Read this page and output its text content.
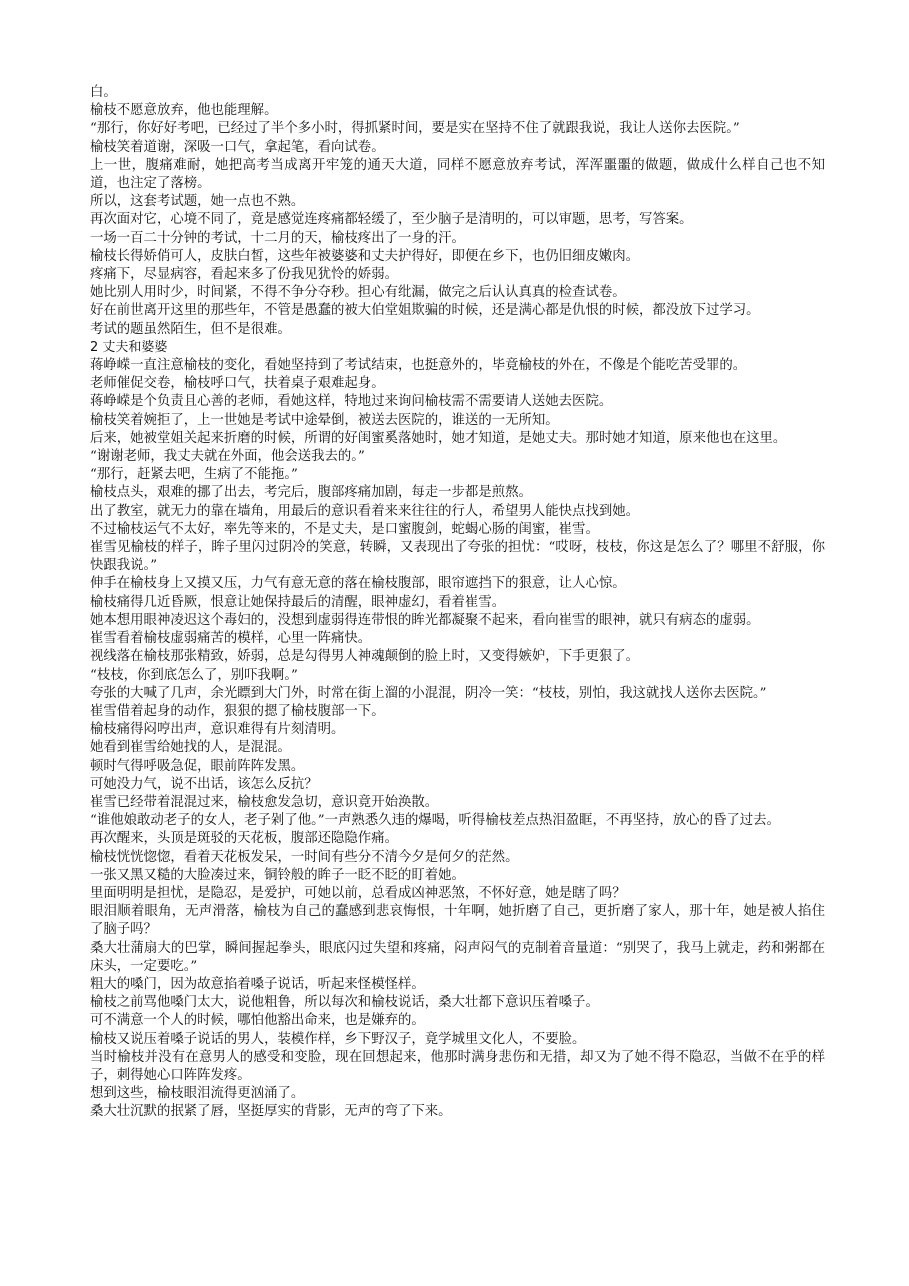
白。
榆枝不愿意放弃，他也能理解。
“那行，你好好考吧，已经过了半个多小时，得抓紧时间，要是实在坚持不住了就跟我说，我让人送你去医院。”
榆枝笑着道谢，深吸一口气，拿起笔，看向试卷。
上一世，腹痛难耐，她把高考当成离开牢笼的通天大道，同样不愿意放弃考试，浑浑噩噩的做题，做成什么样自己也不知道，也注定了落榜。
所以，这套考试题，她一点也不熟。
再次面对它，心境不同了，竟是感觉连疼痛都轻缓了，至少脑子是清明的，可以审题，思考，写答案。
一场一百二十分钟的考试，十二月的天，榆枝疼出了一身的汗。
榆枝长得娇俏可人，皮肤白皙，这些年被婆婆和丈夫护得好，即便在乡下，也仍旧细皮嫩肉。
疼痛下，尽显病容，看起来多了份我见犹怜的娇弱。
她比别人用时少，时间紧，不得不争分夺秒。担心有纰漏，做完之后认认真真的检查试卷。
好在前世离开这里的那些年，不管是愚蠢的被大伯堂姐欺骗的时候，还是满心都是仇恨的时候，都没放下过学习。
考试的题虽然陌生，但不是很难。
2 丈夫和婆婆
蒋峥嵘一直注意榆枝的变化，看她坚持到了考试结束，也挺意外的，毕竟榆枝的外在，不像是个能吃苦受罪的。
老师催促交卷，榆枝呼口气，扶着桌子艰难起身。
蒋峥嵘是个负责且心善的老师，看她这样，特地过来询问榆枝需不需要请人送她去医院。
榆枝笑着婉拒了，上一世她是考试中途晕倒，被送去医院的，谁送的一无所知。
后来，她被堂姐关起来折磨的时候，所谓的好闺蜜奚落她时，她才知道，是她丈夫。那时她才知道，原来他也在这里。
“谢谢老师，我丈夫就在外面，他会送我去的。”
“那行，赶紧去吧，生病了不能拖。”
榆枝点头，艰难的挪了出去，考完后，腹部疼痛加剧，每走一步都是煎熬。
出了教室，就无力的靠在墙角，用最后的意识看着来来往往的行人，希望男人能快点找到她。
不过榆枝运气不太好，率先等来的，不是丈夫，是口蜜腹剑，蛇蝎心肠的闺蜜，崔雪。
崔雪见榆枝的样子，眸子里闪过阴冷的笑意，转瞬，又表现出了夸张的担忧：“哎呀，枝枝，你这是怎么了？哪里不舒服，你快跟我说。”
伸手在榆枝身上又摸又压，力气有意无意的落在榆枝腹部，眼帘遮挡下的狠意，让人心惊。
榆枝痛得几近昏厥，恨意让她保持最后的清醒，眼神虚幻，看着崔雪。
她本想用眼神凌迟这个毒妇的，没想到虚弱得连带恨的眸光都凝聚不起来，看向崔雪的眼神，就只有病态的虚弱。
崔雪看着榆枝虚弱痛苦的模样，心里一阵痛快。
视线落在榆枝那张精致，娇弱，总是勾得男人神魂颠倒的脸上时，又变得嫉妒，下手更狠了。
“枝枝，你到底怎么了，别吓我啊。”
夸张的大喊了几声，余光瞟到大门外，时常在街上溜的小混混，阴冷一笑：“枝枝，别怕，我这就找人送你去医院。”
崔雪借着起身的动作，狠狠的摁了榆枝腹部一下。
榆枝痛得闷哼出声，意识难得有片刻清明。
她看到崔雪给她找的人，是混混。
顿时气得呼吸急促，眼前阵阵发黑。
可她没力气，说不出话，该怎么反抗？
崔雪已经带着混混过来，榆枝愈发急切，意识竟开始涣散。
“谁他娘敢动老子的女人，老子剁了他。”一声熟悉久违的爆喝，听得榆枝差点热泪盈眶，不再坚持，放心的昏了过去。
再次醒来，头顶是斑驳的天花板，腹部还隐隐作痛。
榆枝恍恍惚惚，看着天花板发呆，一时间有些分不清今夕是何夕的茫然。
一张又黑又糙的大脸凑过来，铜铃般的眸子一眨不眨的盯着她。
里面明明是担忧，是隐忍，是爱护，可她以前，总看成凶神恶煞，不怀好意，她是瞎了吗？
眼泪顺着眼角，无声滑落，榆枝为自己的蠢感到悲哀悔恨，十年啊，她折磨了自己，更折磨了家人，那十年，她是被人掐住了脑子吗？
桑大壮蒲扇大的巴掌，瞬间握起拳头，眼底闪过失望和疼痛，闷声闷气的克制着音量道：“别哭了，我马上就走，药和粥都在床头，一定要吃。”
粗大的嗓门，因为故意掐着嗓子说话，听起来怪模怪样。
榆枝之前骂他嗓门太大，说他粗鲁，所以每次和榆枝说话，桑大壮都下意识压着嗓子。
可不满意一个人的时候，哪怕他豁出命来，也是嫌弃的。
榆枝又说压着嗓子说话的男人，装模作样，乡下野汉子，竟学城里文化人，不要脸。
当时榆枝并没有在意男人的感受和变脸，现在回想起来，他那时满身悲伤和无措，却又为了她不得不隐忍，当做不在乎的样子，刺得她心口阵阵发疼。
想到这些，榆枝眼泪流得更汹涌了。
桑大壮沉默的抿紧了唇，坚挺厚实的背影，无声的弯了下来。
